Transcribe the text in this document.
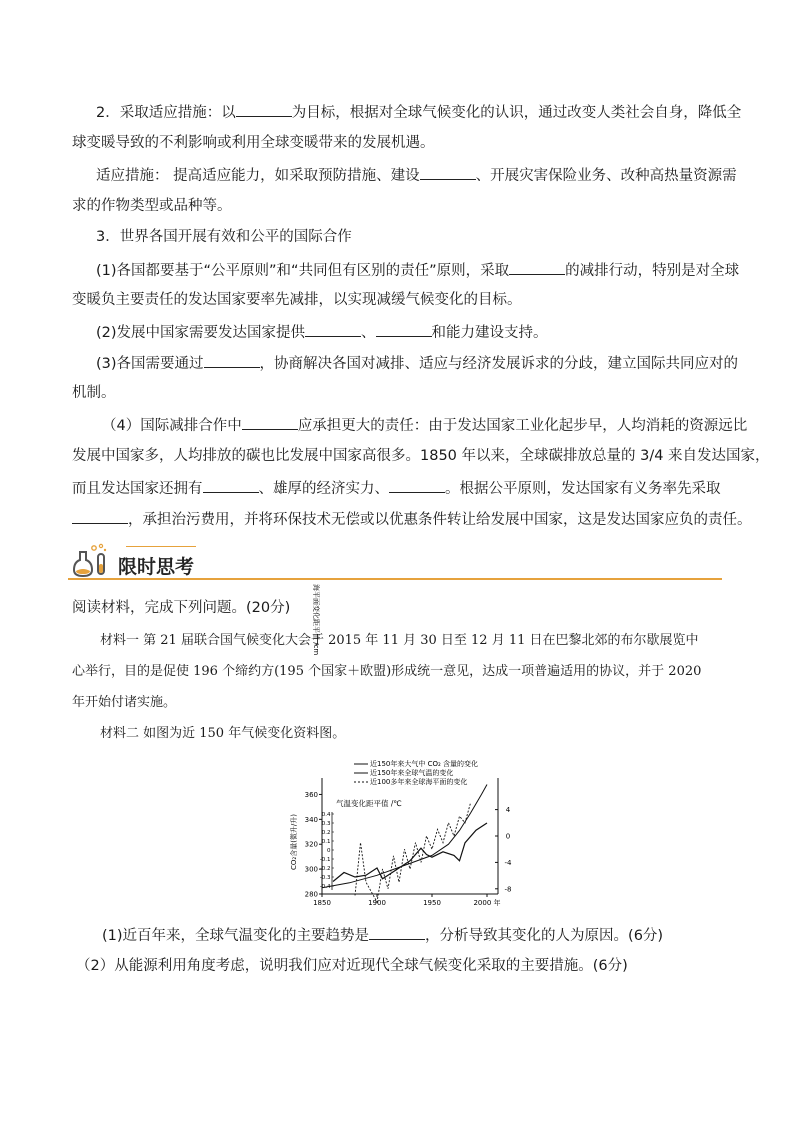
2．采取适应措施：以	为目标，根据对全球气候变化的认识，通过改变人类社会自身，降低全
球变暖导致的不利影响或利用全球变暖带来的发展机遇。
适应措施： 提高适应能力，如采取预防措施、建设	、开展灾害保险业务、改种高热量资源需
求的作物类型或品种等。
3．世界各国开展有效和公平的国际合作
(1)各国都要基于“公平原则”和“共同但有区别的责任”原则，采取	的减排行动，特别是对全球
变暖负主要责任的发达国家要率先减排，以实现减缓气候变化的目标。
(2)发展中国家需要发达国家提供	、	和能力建设支持。
(3)各国需要通过	，协商解决各国对减排、适应与经济发展诉求的分歧，建立国际共同应对的
机制。
（4）国际减排合作中	应承担更大的责任：由于发达国家工业化起步早，人均消耗的资源远比
发展中国家多，人均排放的碳也比发展中国家高很多。1850 年以来，全球碳排放总量的 3/4 来自发达国家，
而且发达国家还拥有	、雄厚的经济实力、	。根据公平原则，发达国家有义务率先采取
，承担治污费用，并将环保技术无偿或以优惠条件转让给发展中国家，这是发达国家应负的责任。
限时思考
阅读材料，完成下列问题。(20分)
材料一 第 21 届联合国气候变化大会于 2015 年 11 月 30 日至 12 月 11 日在巴黎北郊的布尔歇展览中
心举行，目的是促使 196 个缔约方(195 个国家＋欧盟)形成统一意见，达成一项普遍适用的协议，并于 2020
年开始付诸实施。
材料二 如图为近 150 年气候变化资料图。
近150年来大气中 CO₂ 含量的变化
近150年来全球气温的变化
近100多年来全球海平面的变化
CO₂含量(微升/升)
气温变化距平值 /℃
海平面变化距平值 /cm
360
340
320
300
280
0.4
0.3
0.2
0.1
0
-0.1
-0.2
-0.3
-0.4
4
0
-4
-8
1850	1900	1950	2000 年
(1)近百年来，全球气温变化的主要趋势是	，分析导致其变化的人为原因。(6分)
（2）从能源利用角度考虑，说明我们应对近现代全球气候变化采取的主要措施。(6分)
